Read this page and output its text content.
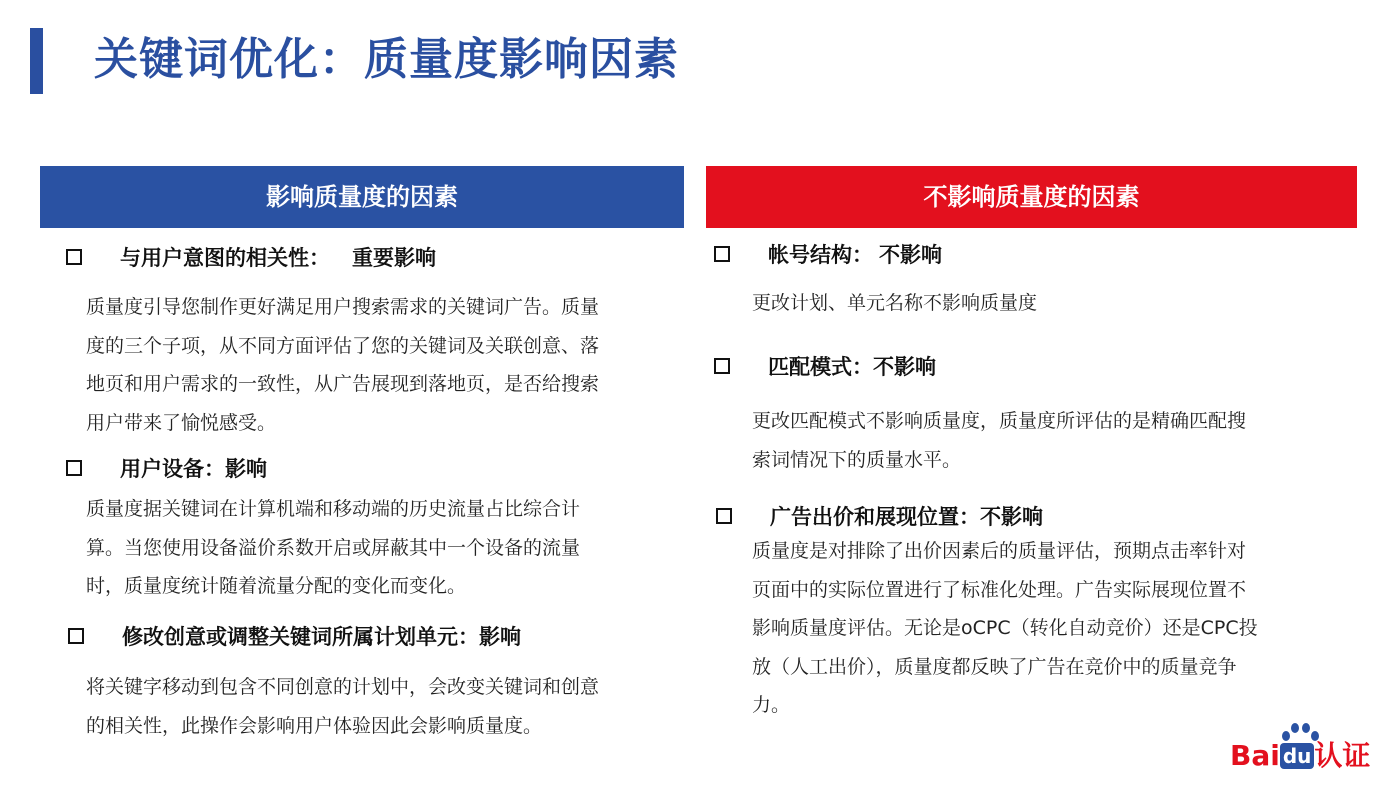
关键词优化：质量度影响因素
影响质量度的因素	不影响质量度的因素
与用户意图的相关性： 重要影响
质量度引导您制作更好满足用户搜索需求的关键词广告。质量
度的三个子项，从不同方面评估了您的关键词及关联创意、落
地页和用户需求的一致性，从广告展现到落地页，是否给搜索
用户带来了愉悦感受。
用户设备：影响
质量度据关键词在计算机端和移动端的历史流量占比综合计
算。当您使用设备溢价系数开启或屏蔽其中一个设备的流量
时，质量度统计随着流量分配的变化而变化。
修改创意或调整关键词所属计划单元：影响
将关键字移动到包含不同创意的计划中，会改变关键词和创意
的相关性，此操作会影响用户体验因此会影响质量度。
帐号结构： 不影响
更改计划、单元名称不影响质量度
匹配模式：不影响
更改匹配模式不影响质量度，质量度所评估的是精确匹配搜
索词情况下的质量水平。
广告出价和展现位置：不影响
质量度是对排除了出价因素后的质量评估，预期点击率针对
页面中的实际位置进行了标准化处理。广告实际展现位置不
影响质量度评估。无论是oCPC（转化自动竞价）还是CPC投
放（人工出价），质量度都反映了广告在竞价中的质量竞争
力。
Bai du 认证
